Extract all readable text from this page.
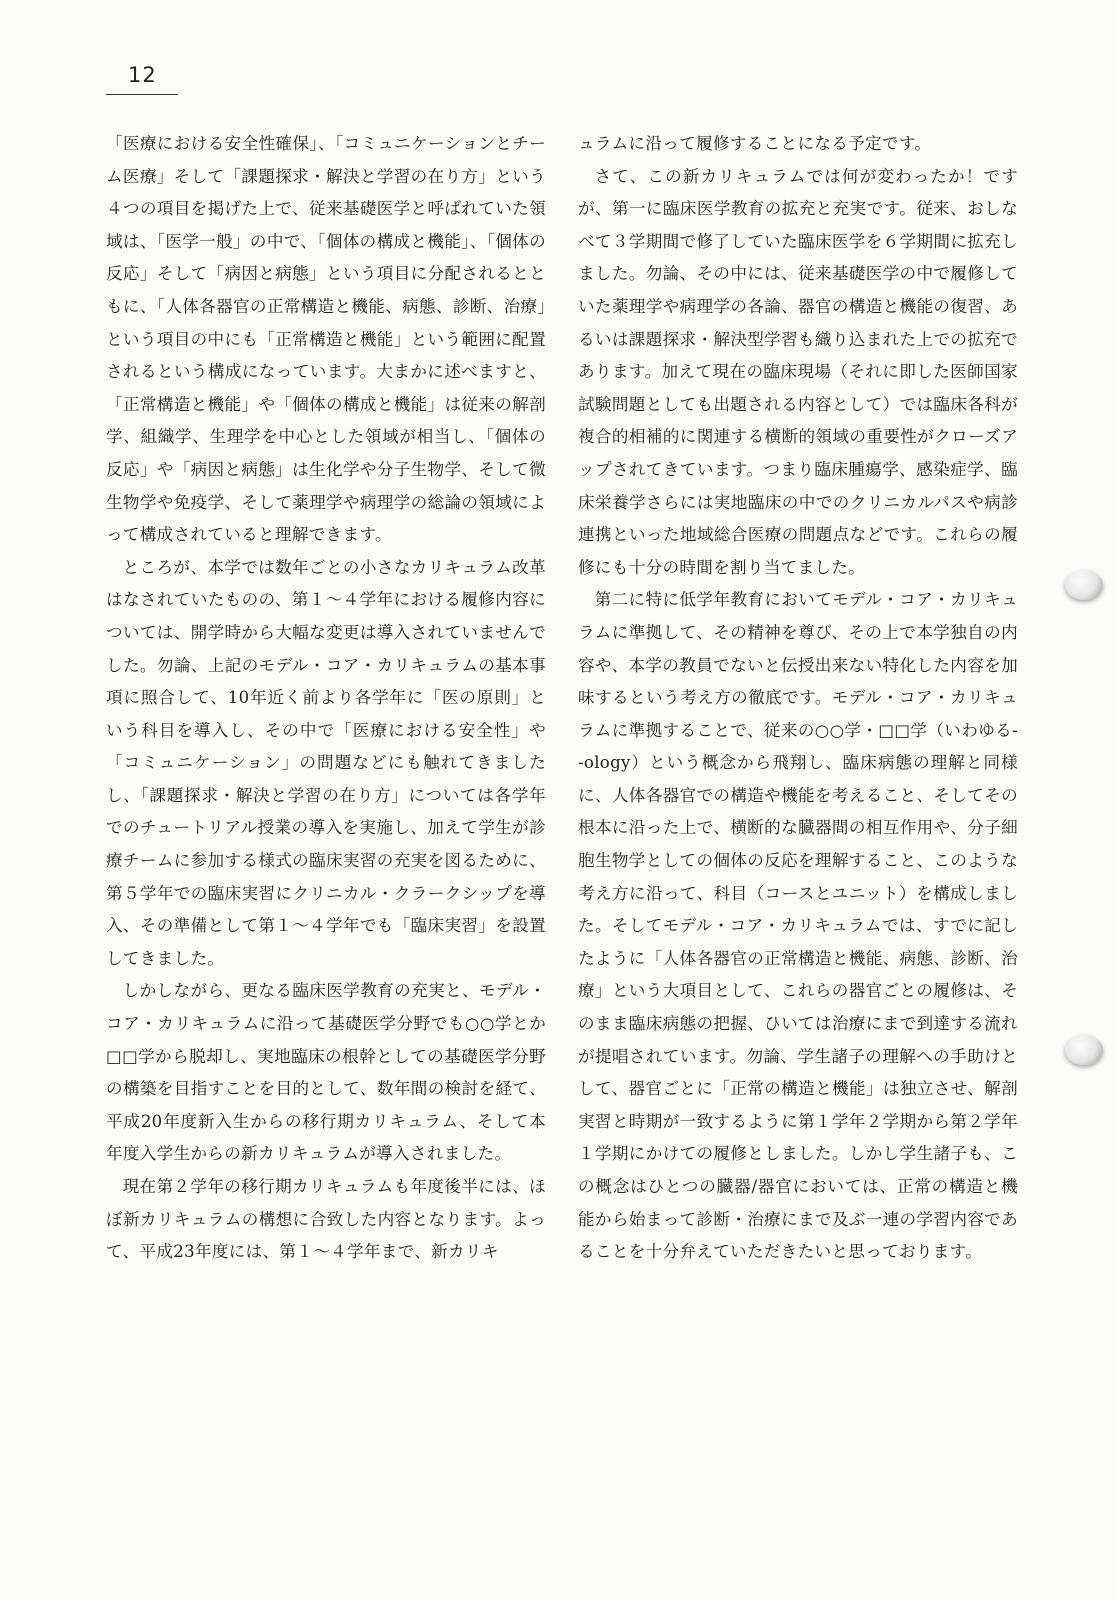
12

「医療における安全性確保」、「コミュニケーションとチーム医療」そして「課題探求・解決と学習の在り方」という４つの項目を掲げた上で、従来基礎医学と呼ばれていた領域は、「医学一般」の中で、「個体の構成と機能」、「個体の反応」そして「病因と病態」という項目に分配されるとともに、「人体各器官の正常構造と機能、病態、診断、治療」という項目の中にも「正常構造と機能」という範囲に配置されるという構成になっています。大まかに述べますと、「正常構造と機能」や「個体の構成と機能」は従来の解剖学、組織学、生理学を中心とした領域が相当し、「個体の反応」や「病因と病態」は生化学や分子生物学、そして微生物学や免疫学、そして薬理学や病理学の総論の領域によって構成されていると理解できます。

ところが、本学では数年ごとの小さなカリキュラム改革はなされていたものの、第１～４学年における履修内容については、開学時から大幅な変更は導入されていませんでした。勿論、上記のモデル・コア・カリキュラムの基本事項に照合して、10年近く前より各学年に「医の原則」という科目を導入し、その中で「医療における安全性」や「コミュニケーション」の問題などにも触れてきましたし、「課題探求・解決と学習の在り方」については各学年でのチュートリアル授業の導入を実施し、加えて学生が診療チームに参加する様式の臨床実習の充実を図るために、第５学年での臨床実習にクリニカル・クラークシップを導入、その準備として第１～４学年でも「臨床実習」を設置してきました。

しかしながら、更なる臨床医学教育の充実と、モデル・コア・カリキュラムに沿って基礎医学分野でも○○学とか□□学から脱却し、実地臨床の根幹としての基礎医学分野の構築を目指すことを目的として、数年間の検討を経て、平成20年度新入生からの移行期カリキュラム、そして本年度入学生からの新カリキュラムが導入されました。

現在第２学年の移行期カリキュラムも年度後半には、ほぼ新カリキュラムの構想に合致した内容となります。よって、平成23年度には、第１～４学年まで、新カリキ

ュラムに沿って履修することになる予定です。

さて、この新カリキュラムでは何が変わったか！ですが、第一に臨床医学教育の拡充と充実です。従来、おしなべて３学期間で修了していた臨床医学を６学期間に拡充しました。勿論、その中には、従来基礎医学の中で履修していた薬理学や病理学の各論、器官の構造と機能の復習、あるいは課題探求・解決型学習も織り込まれた上での拡充であります。加えて現在の臨床現場（それに即した医師国家試験問題としても出題される内容として）では臨床各科が複合的相補的に関連する横断的領域の重要性がクローズアップされてきています。つまり臨床腫瘍学、感染症学、臨床栄養学さらには実地臨床の中でのクリニカルパスや病診連携といった地域総合医療の問題点などです。これらの履修にも十分の時間を割り当てました。

第二に特に低学年教育においてモデル・コア・カリキュラムに準拠して、その精神を尊び、その上で本学独自の内容や、本学の教員でないと伝授出来ない特化した内容を加味するという考え方の徹底です。モデル・コア・カリキュラムに準拠することで、従来の○○学・□□学（いわゆる--ology）という概念から飛翔し、臨床病態の理解と同様に、人体各器官での構造や機能を考えること、そしてその根本に沿った上で、横断的な臓器間の相互作用や、分子細胞生物学としての個体の反応を理解すること、このような考え方に沿って、科目（コースとユニット）を構成しました。そしてモデル・コア・カリキュラムでは、すでに記したように「人体各器官の正常構造と機能、病態、診断、治療」という大項目として、これらの器官ごとの履修は、そのまま臨床病態の把握、ひいては治療にまで到達する流れが提唱されています。勿論、学生諸子の理解への手助けとして、器官ごとに「正常の構造と機能」は独立させ、解剖実習と時期が一致するように第１学年２学期から第２学年１学期にかけての履修としました。しかし学生諸子も、この概念はひとつの臓器/器官においては、正常の構造と機能から始まって診断・治療にまで及ぶ一連の学習内容であることを十分弁えていただきたいと思っております。
